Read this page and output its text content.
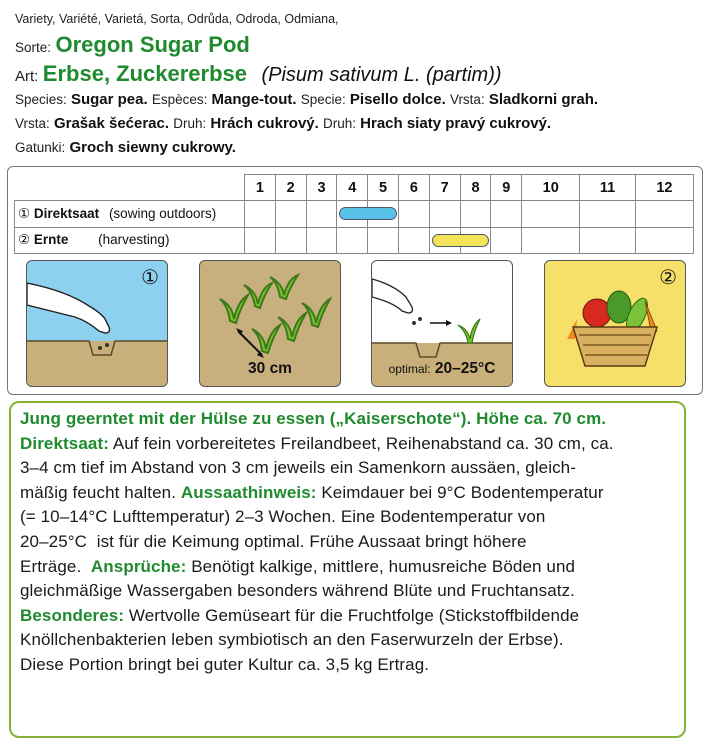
Variety, Variété, Varietá, Sorta, Odrůda, Odroda, Odmiana,
Sorte: Oregon Sugar Pod
Art: Erbse, Zuckererbse (Pisum sativum L. (partim))
Species: Sugar pea. Espèces: Mange-tout. Specie: Pisello dolce. Vrsta: Sladkorni grah.
Vrsta: Grašak šećerac. Druh: Hrách cukrový. Druh: Hrach siaty pravý cukrový.
Gatunki: Groch siewny cukrowy.
	1	2	3	4	5	6	7	8	9	10	11	12
① Direktsaat (sowing outdoors)				

② Ernte (harvesting)							

①
30 cm	optimal: 20–25°C
②
Jung geerntet mit der Hülse zu essen („Kaiserschote“). Höhe ca. 70 cm.
Direktsaat: Auf fein vorbereitetes Freilandbeet, Reihenabstand ca. 30 cm, ca.
3–4 cm tief im Abstand von 3 cm jeweils ein Samenkorn aussäen, gleich-
mäßig feucht halten. Aussaathinweis: Keimdauer bei 9°C Bodentemperatur
(= 10–14°C Lufttemperatur) 2–3 Wochen. Eine Bodentemperatur von
20–25°C  ist für die Keimung optimal. Frühe Aussaat bringt höhere
Erträge.  Ansprüche: Benötigt kalkige, mittlere, humusreiche Böden und
gleichmäßige Wassergaben besonders während Blüte und Fruchtansatz.
Besonderes: Wertvolle Gemüseart für die Fruchtfolge (Stickstoffbildende
Knöllchenbakterien leben symbiotisch an den Faserwurzeln der Erbse).
Diese Portion bringt bei guter Kultur ca. 3,5 kg Ertrag.
